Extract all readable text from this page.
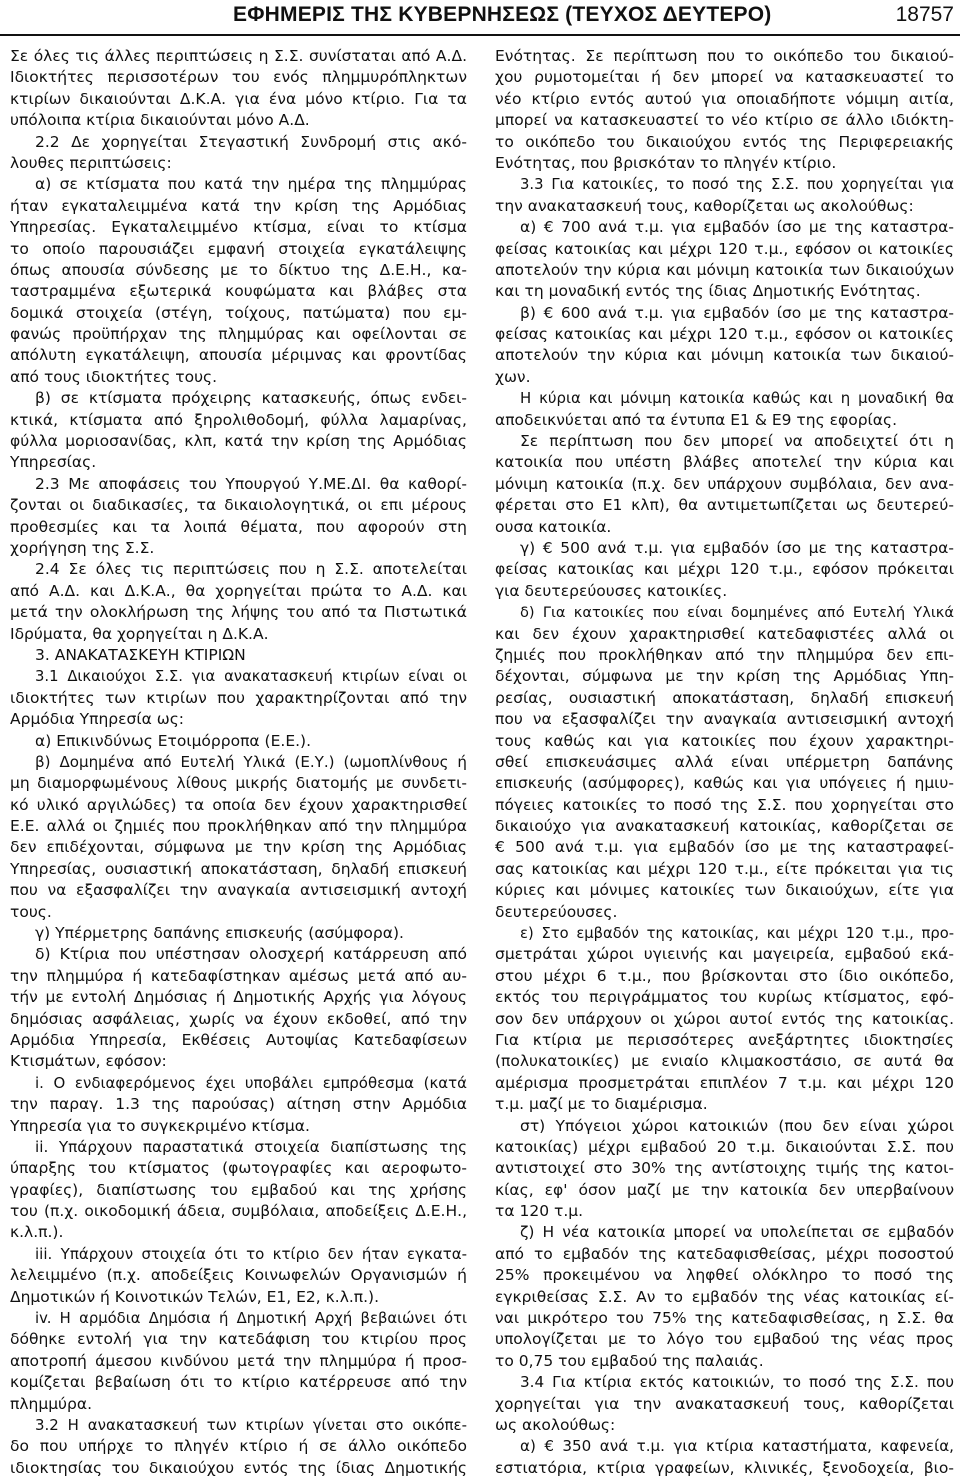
ΕΦΗΜΕΡΙΣ ΤΗΣ ΚΥΒΕΡΝΗΣΕΩΣ (ΤΕΥΧΟΣ ΔΕΥΤΕΡΟ)	18757
Σε όλες τις άλλες περιπτώσεις η Σ.Σ. συνίσταται από Α.Δ.
Ιδιοκτήτες περισσοτέρων του ενός πλημμυρόπληκτων
κτιρίων δικαιούνται Δ.Κ.Α. για ένα μόνο κτίριο. Για τα
υπόλοιπα κτίρια δικαιούνται μόνο Α.Δ.
2.2 Δε χορηγείται Στεγαστική Συνδρομή στις ακό-
λουθες περιπτώσεις:
α) σε κτίσματα που κατά την ημέρα της πλημμύρας
ήταν εγκαταλειμμένα κατά την κρίση της Αρμόδιας
Υπηρεσίας. Εγκαταλειμμένο κτίσμα, είναι το κτίσμα
το οποίο παρουσιάζει εμφανή στοιχεία εγκατάλειψης
όπως απουσία σύνδεσης με το δίκτυο της Δ.Ε.Η., κα-
ταστραμμένα εξωτερικά κουφώματα και βλάβες στα
δομικά στοιχεία (στέγη, τοίχους, πατώματα) που εμ-
φανώς προϋπήρχαν της πλημμύρας και οφείλονται σε
απόλυτη εγκατάλειψη, απουσία μέριμνας και φροντίδας
από τους ιδιοκτήτες τους.
β) σε κτίσματα πρόχειρης κατασκευής, όπως ενδει-
κτικά, κτίσματα από ξηρολιθοδομή, φύλλα λαμαρίνας,
φύλλα μοριοσανίδας, κλπ, κατά την κρίση της Αρμόδιας
Υπηρεσίας.
2.3 Με αποφάσεις του Υπουργού Υ.ΜΕ.ΔΙ. θα καθορί-
ζονται οι διαδικασίες, τα δικαιολογητικά, οι επι μέρους
προθεσμίες και τα λοιπά θέματα, που αφορούν στη
χορήγηση της Σ.Σ.
2.4 Σε όλες τις περιπτώσεις που η Σ.Σ. αποτελείται
από Α.Δ. και Δ.Κ.Α., θα χορηγείται πρώτα το Α.Δ. και
μετά την ολοκλήρωση της λήψης του από τα Πιστωτικά
Ιδρύματα, θα χορηγείται η Δ.Κ.Α.
3. ΑΝΑΚΑΤΑΣΚΕΥΗ ΚΤΙΡΙΩΝ
3.1 Δικαιούχοι Σ.Σ. για ανακατασκευή κτιρίων είναι οι
ιδιοκτήτες των κτιρίων που χαρακτηρίζονται από την
Αρμόδια Υπηρεσία ως:
α) Επικινδύνως Ετοιμόρροπα (Ε.Ε.).
β) Δομημένα από Ευτελή Υλικά (Ε.Υ.) (ωμοπλίνθους ή
μη διαμορφωμένους λίθους μικρής διατομής με συνδετι-
κό υλικό αργιλώδες) τα οποία δεν έχουν χαρακτηρισθεί
Ε.Ε. αλλά οι ζημιές που προκλήθηκαν από την πλημμύρα
δεν επιδέχονται, σύμφωνα με την κρίση της Αρμόδιας
Υπηρεσίας, ουσιαστική αποκατάσταση, δηλαδή επισκευή
που να εξασφαλίζει την αναγκαία αντισεισμική αντοχή
τους.
γ) Υπέρμετρης δαπάνης επισκευής (ασύμφορα).
δ) Κτίρια που υπέστησαν ολοσχερή κατάρρευση από
την πλημμύρα ή κατεδαφίστηκαν αμέσως μετά από αυ-
τήν με εντολή Δημόσιας ή Δημοτικής Αρχής για λόγους
δημόσιας ασφάλειας, χωρίς να έχουν εκδοθεί, από την
Αρμόδια Υπηρεσία, Εκθέσεις Αυτοψίας Κατεδαφίσεων
Κτισμάτων, εφόσον:
i. Ο ενδιαφερόμενος έχει υποβάλει εμπρόθεσμα (κατά
την παραγ. 1.3 της παρούσας) αίτηση στην Αρμόδια
Υπηρεσία για το συγκεκριμένο κτίσμα.
ii. Υπάρχουν παραστατικά στοιχεία διαπίστωσης της
ύπαρξης του κτίσματος (φωτογραφίες και αεροφωτο-
γραφίες), διαπίστωσης του εμβαδού και της χρήσης
του (π.χ. οικοδομική άδεια, συμβόλαια, αποδείξεις Δ.Ε.Η.,
κ.λ.π.).
iii. Υπάρχουν στοιχεία ότι το κτίριο δεν ήταν εγκατα-
λελειμμένο (π.χ. αποδείξεις Κοινωφελών Οργανισμών ή
Δημοτικών ή Κοινοτικών Τελών, Ε1, Ε2, κ.λ.π.).
iv. Η αρμόδια Δημόσια ή Δημοτική Αρχή βεβαιώνει ότι
δόθηκε εντολή για την κατεδάφιση του κτιρίου προς
αποτροπή άμεσου κινδύνου μετά την πλημμύρα ή προσ-
κομίζεται βεβαίωση ότι το κτίριο κατέρρευσε από την
πλημμύρα.
3.2 Η ανακατασκευή των κτιρίων γίνεται στο οικόπε-
δο που υπήρχε το πληγέν κτίριο ή σε άλλο οικόπεδο
ιδιοκτησίας του δικαιούχου εντός της ίδιας Δημοτικής
Ενότητας. Σε περίπτωση που το οικόπεδο του δικαιού-
χου ρυμοτομείται ή δεν μπορεί να κατασκευαστεί το
νέο κτίριο εντός αυτού για οποιαδήποτε νόμιμη αιτία,
μπορεί να κατασκευαστεί το νέο κτίριο σε άλλο ιδιόκτη-
το οικόπεδο του δικαιούχου εντός της Περιφερειακής
Ενότητας, που βρισκόταν το πληγέν κτίριο.
3.3 Για κατοικίες, το ποσό της Σ.Σ. που χορηγείται για
την ανακατασκευή τους, καθορίζεται ως ακολούθως:
α) € 700 ανά τ.μ. για εμβαδόν ίσο με της καταστρα-
φείσας κατοικίας και μέχρι 120 τ.μ., εφόσον οι κατοικίες
αποτελούν την κύρια και μόνιμη κατοικία των δικαιούχων
και τη μοναδική εντός της ίδιας Δημοτικής Ενότητας.
β) € 600 ανά τ.μ. για εμβαδόν ίσο με της καταστρα-
φείσας κατοικίας και μέχρι 120 τ.μ., εφόσον οι κατοικίες
αποτελούν την κύρια και μόνιμη κατοικία των δικαιού-
χων.
Η κύρια και μόνιμη κατοικία καθώς και η μοναδική θα
αποδεικνύεται από τα έντυπα Ε1 & Ε9 της εφορίας.
Σε περίπτωση που δεν μπορεί να αποδειχτεί ότι η
κατοικία που υπέστη βλάβες αποτελεί την κύρια και
μόνιμη κατοικία (π.χ. δεν υπάρχουν συμβόλαια, δεν ανα-
φέρεται στο Ε1 κλπ), θα αντιμετωπίζεται ως δευτερεύ-
ουσα κατοικία.
γ) € 500 ανά τ.μ. για εμβαδόν ίσο με της καταστρα-
φείσας κατοικίας και μέχρι 120 τ.μ., εφόσον πρόκειται
για δευτερεύουσες κατοικίες.
δ) Για κατοικίες που είναι δομημένες από Ευτελή Υλικά
και δεν έχουν χαρακτηρισθεί κατεδαφιστέες αλλά οι
ζημιές που προκλήθηκαν από την πλημμύρα δεν επι-
δέχονται, σύμφωνα με την κρίση της Αρμόδιας Υπη-
ρεσίας, ουσιαστική αποκατάσταση, δηλαδή επισκευή
που να εξασφαλίζει την αναγκαία αντισεισμική αντοχή
τους καθώς και για κατοικίες που έχουν χαρακτηρι-
σθεί επισκευάσιμες αλλά είναι υπέρμετρη δαπάνης
επισκευής (ασύμφορες), καθώς και για υπόγειες ή ημιυ-
πόγειες κατοικίες το ποσό της Σ.Σ. που χορηγείται στο
δικαιούχο για ανακατασκευή κατοικίας, καθορίζεται σε
€ 500 ανά τ.μ. για εμβαδόν ίσο με της καταστραφεί-
σας κατοικίας και μέχρι 120 τ.μ., είτε πρόκειται για τις
κύριες και μόνιμες κατοικίες των δικαιούχων, είτε για
δευτερεύουσες.
ε) Στο εμβαδόν της κατοικίας, και μέχρι 120 τ.μ., προ-
σμετράται χώροι υγιεινής και μαγειρεία, εμβαδού εκά-
στου μέχρι 6 τ.μ., που βρίσκονται στο ίδιο οικόπεδο,
εκτός του περιγράμματος του κυρίως κτίσματος, εφό-
σον δεν υπάρχουν οι χώροι αυτοί εντός της κατοικίας.
Για κτίρια με περισσότερες ανεξάρτητες ιδιοκτησίες
(πολυκατοικίες) με ενιαίο κλιμακοστάσιο, σε αυτά θα
αμέρισμα προσμετράται επιπλέον 7 τ.μ. και μέχρι 120
τ.μ. μαζί με το διαμέρισμα.
στ) Υπόγειοι χώροι κατοικιών (που δεν είναι χώροι
κατοικίας) μέχρι εμβαδού 20 τ.μ. δικαιούνται Σ.Σ. που
αντιστοιχεί στο 30% της αντίστοιχης τιμής της κατοι-
κίας, εφ' όσον μαζί με την κατοικία δεν υπερβαίνουν
τα 120 τ.μ.
ζ) Η νέα κατοικία μπορεί να υπολείπεται σε εμβαδόν
από το εμβαδόν της κατεδαφισθείσας, μέχρι ποσοστού
25% προκειμένου να ληφθεί ολόκληρο το ποσό της
εγκριθείσας Σ.Σ. Αν το εμβαδόν της νέας κατοικίας εί-
ναι μικρότερο του 75% της κατεδαφισθείσας, η Σ.Σ. θα
υπολογίζεται με το λόγο του εμβαδού της νέας προς
το 0,75 του εμβαδού της παλαιάς.
3.4 Για κτίρια εκτός κατοικιών, το ποσό της Σ.Σ. που
χορηγείται για την ανακατασκευή τους, καθορίζεται
ως ακολούθως:
α) € 350 ανά τ.μ. για κτίρια καταστήματα, καφενεία,
εστιατόρια, κτίρια γραφείων, κλινικές, ξενοδοχεία, βιο-
